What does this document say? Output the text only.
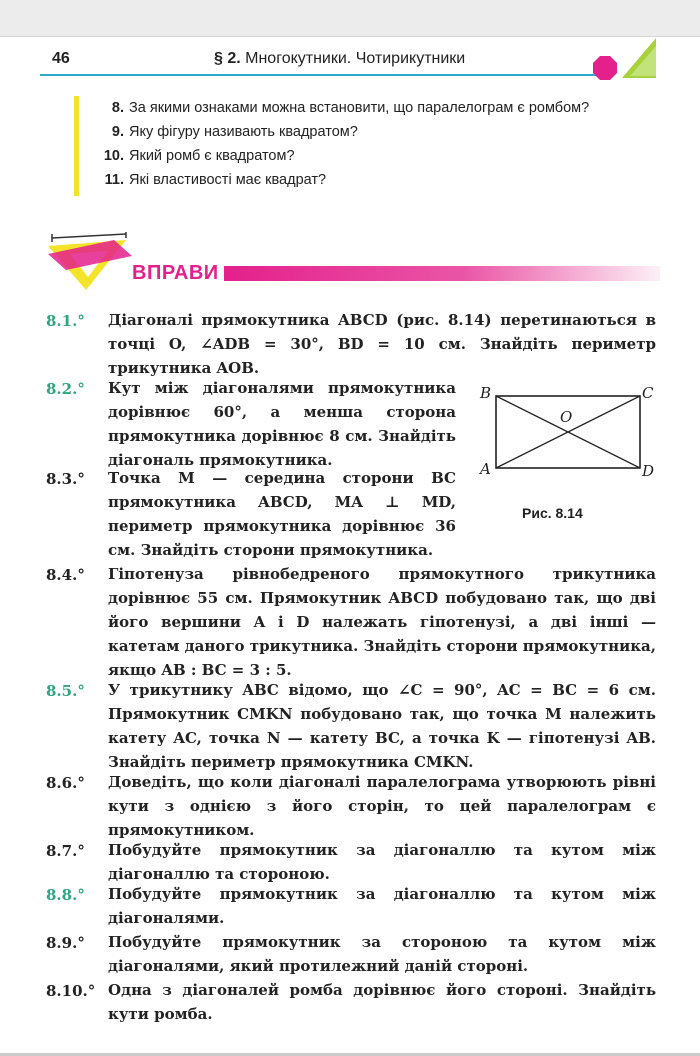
46	§ 2. Многокутники. Чотирикутники
8. За якими ознаками можна встановити, що паралелограм є ромбом?
9. Яку фігуру називають квадратом?
10. Який ромб є квадратом?
11. Які властивості має квадрат?
ВПРАВИ
8.1.°	Діагоналі прямокутника ABCD (рис. 8.14) перетинаються в точці O, ∠ADB = 30°, BD = 10 см. Знайдіть периметр трикутника AOB.
8.2.°	Кут між діагоналями прямокутника дорівнює 60°, а менша сторона прямокутника дорівнює 8 см. Знайдіть діагональ прямокутника.
8.3.°	Точка M — середина сторони BC прямокутника ABCD, MA ⊥ MD, периметр прямокутника дорівнює 36 см. Знайдіть сторони прямокутника.
8.4.°	Гіпотенуза рівнобедреного прямокутного трикутника дорівнює 55 см. Прямокутник ABCD побудовано так, що дві його вершини A і D належать гіпотенузі, а дві інші — катетам даного трикутника. Знайдіть сторони прямокутника, якщо AB : BC = 3 : 5.
8.5.°	У трикутнику ABC відомо, що ∠C = 90°, AC = BC = 6 см. Прямокутник CMKN побудовано так, що точка M належить катету AC, точка N — катету BC, а точка K — гіпотенузі AB. Знайдіть периметр прямокутника CMKN.
8.6.°	Доведіть, що коли діагоналі паралелограма утворюють рівні кути з однією з його сторін, то цей паралелограм є прямокутником.
8.7.°	Побудуйте прямокутник за діагоналлю та кутом між діагоналлю та стороною.
8.8.°	Побудуйте прямокутник за діагоналлю та кутом між діагоналями.
8.9.°	Побудуйте прямокутник за стороною та кутом між діагоналями, який протилежний даній стороні.
8.10.° Одна з діагоналей ромба дорівнює його стороні. Знайдіть кути ромба.
B	C
A	D
O
Рис. 8.14
